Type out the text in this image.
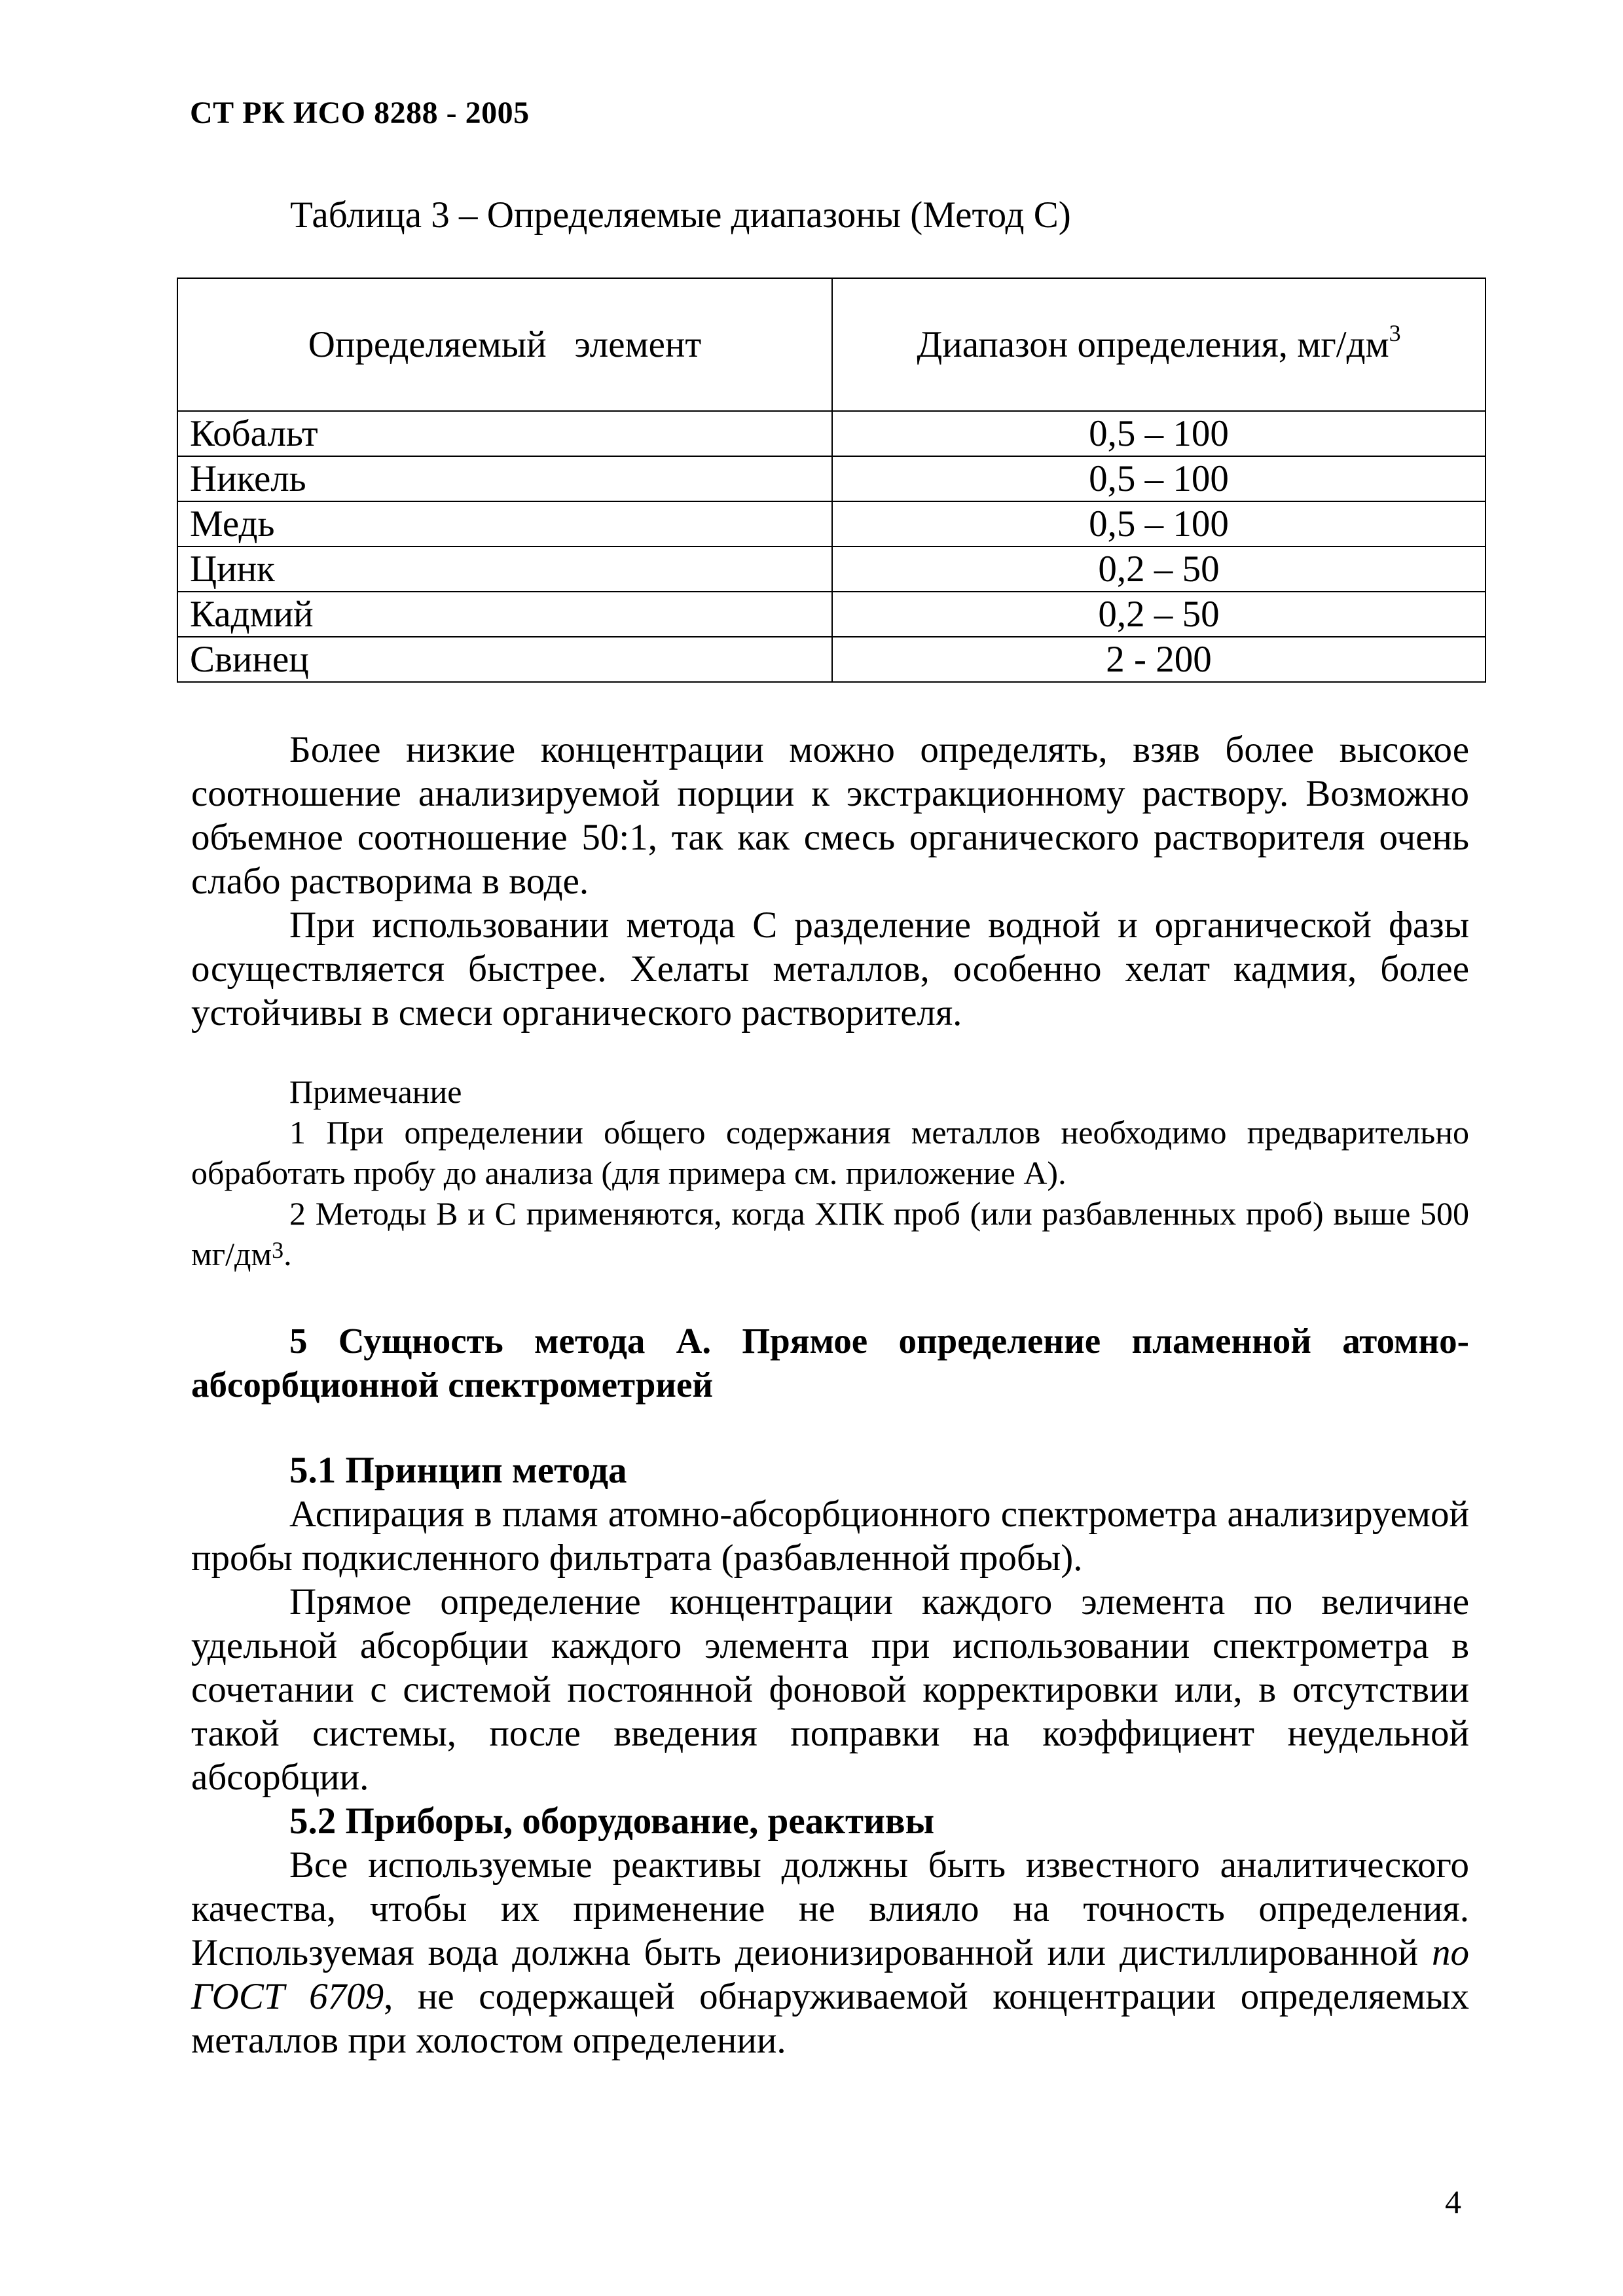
СТ РК ИСО 8288 - 2005
Таблица 3 – Определяемые диапазоны (Метод С)
Определяемый   элемент	Диапазон определения, $мг/дм^3$
Кобальт	0,5 – 100
Никель	0,5 – 100
Медь	0,5 – 100
Цинк	0,2 – 50
Кадмий	0,2 – 50
Свинец	2 - 200

Более низкие концентрации можно определять, взяв более высокое соотношение анализируемой порции к экстракционному раствору. Возможно объемное соотношение 50:1, так как смесь органического растворителя очень слабо растворима в воде.

При использовании метода С разделение водной и органической фазы осуществляется быстрее. Хелаты металлов, особенно хелат кадмия, более устойчивы в смеси органического растворителя.

Примечание

1 При определении общего содержания металлов необходимо предварительно обработать пробу до анализа (для примера см. приложение А).

2 Методы В и С применяются, когда ХПК проб (или разбавленных проб) выше 500 $мг/дм^3$.

5 Сущность метода А. Прямое определение пламенной атомно-абсорбционной спектрометрией

5.1 Принцип метода

Аспирация в пламя атомно-абсорбционного спектрометра анализируемой пробы подкисленного фильтрата (разбавленной пробы).

Прямое определение концентрации каждого элемента по величине удельной абсорбции каждого элемента при использовании спектрометра в сочетании с системой постоянной фоновой корректировки или, в отсутствии такой системы, после введения поправки на коэффициент неудельной абсорбции.

5.2 Приборы, оборудование, реактивы

Все используемые реактивы должны быть известного аналитического качества, чтобы их применение не влияло на точность определения. Используемая вода должна быть деионизированной или дистиллированной по ГОСТ 6709, не содержащей обнаруживаемой концентрации определяемых металлов при холостом определении.

4
